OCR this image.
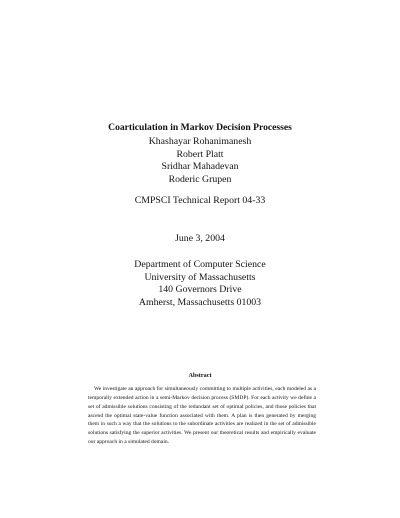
Coarticulation in Markov Decision Processes
Khashayar Rohanimanesh
Robert Platt
Sridhar Mahadevan
Roderic Grupen
CMPSCI Technical Report 04-33
June 3, 2004
Department of Computer Science
University of Massachusetts
140 Governors Drive
Amherst, Massachusetts 01003
Abstract

We investigate an approach for simultaneously committing to multiple activities, each modeled as a temporally extended action in a semi-Markov decision process (SMDP). For each activity we define a set of admissible solutions consisting of the redundant set of optimal policies, and those policies that ascend the optimal state-value function associated with them. A plan is then generated by merging them in such a way that the solutions to the subordinate activities are realized in the set of admissible solutions satisfying the superior activities. We present our theoretical results and empirically evaluate our approach in a simulated domain.
